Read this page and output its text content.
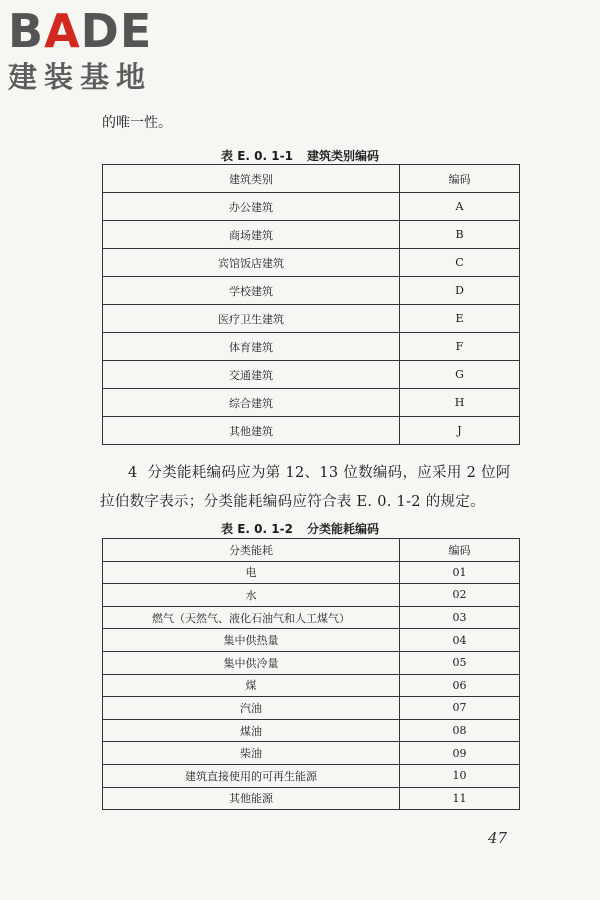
BADE
建装基地
的唯一性。
表 E. 0. 1-1 建筑类别编码
建筑类别	编码
办公建筑	A
商场建筑	B
宾馆饭店建筑	C
学校建筑	D
医疗卫生建筑	E
体育建筑	F
交通建筑	G
综合建筑	H
其他建筑	J
4 分类能耗编码应为第 12、13 位数编码，应采用 2 位阿拉伯数字表示；分类能耗编码应符合表 E. 0. 1-2 的规定。
表 E. 0. 1-2 分类能耗编码
分类能耗	编码
电	01
水	02
燃气（天然气、液化石油气和人工煤气）	03
集中供热量	04
集中供冷量	05
煤	06
汽油	07
煤油	08
柴油	09
建筑直接使用的可再生能源	10
其他能源	11
47
